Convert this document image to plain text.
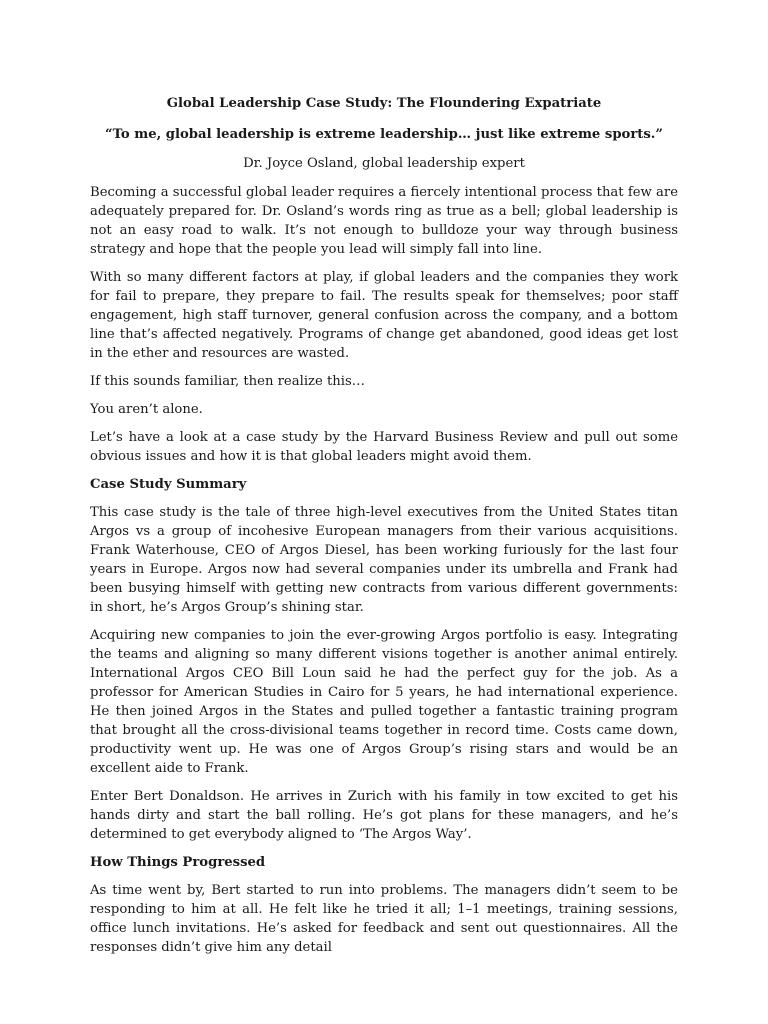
Global Leadership Case Study: The Floundering Expatriate

“To me, global leadership is extreme leadership… just like extreme sports.”

Dr. Joyce Osland, global leadership expert

Becoming a successful global leader requires a fiercely intentional process that few are adequately prepared for. Dr. Osland’s words ring as true as a bell; global leadership is not an easy road to walk. It’s not enough to bulldoze your way through business strategy and hope that the people you lead will simply fall into line.

With so many different factors at play, if global leaders and the companies they work for fail to prepare, they prepare to fail. The results speak for themselves; poor staff engagement, high staff turnover, general confusion across the company, and a bottom line that’s affected negatively. Programs of change get abandoned, good ideas get lost in the ether and resources are wasted.

If this sounds familiar, then realize this…

You aren’t alone.

Let’s have a look at a case study by the Harvard Business Review and pull out some obvious issues and how it is that global leaders might avoid them.

Case Study Summary

This case study is the tale of three high-level executives from the United States titan Argos vs a group of incohesive European managers from their various acquisitions. Frank Waterhouse, CEO of Argos Diesel, has been working furiously for the last four years in Europe. Argos now had several companies under its umbrella and Frank had been busying himself with getting new contracts from various different governments: in short, he’s Argos Group’s shining star.

Acquiring new companies to join the ever-growing Argos portfolio is easy. Integrating the teams and aligning so many different visions together is another animal entirely. International Argos CEO Bill Loun said he had the perfect guy for the job. As a professor for American Studies in Cairo for 5 years, he had international experience. He then joined Argos in the States and pulled together a fantastic training program that brought all the cross-divisional teams together in record time. Costs came down, productivity went up. He was one of Argos Group’s rising stars and would be an excellent aide to Frank.

Enter Bert Donaldson. He arrives in Zurich with his family in tow excited to get his hands dirty and start the ball rolling. He’s got plans for these managers, and he’s determined to get everybody aligned to ‘The Argos Way’.

How Things Progressed

As time went by, Bert started to run into problems. The managers didn’t seem to be responding to him at all. He felt like he tried it all; 1–1 meetings, training sessions, office lunch invitations. He’s asked for feedback and sent out questionnaires. All the responses didn’t give him any detail
